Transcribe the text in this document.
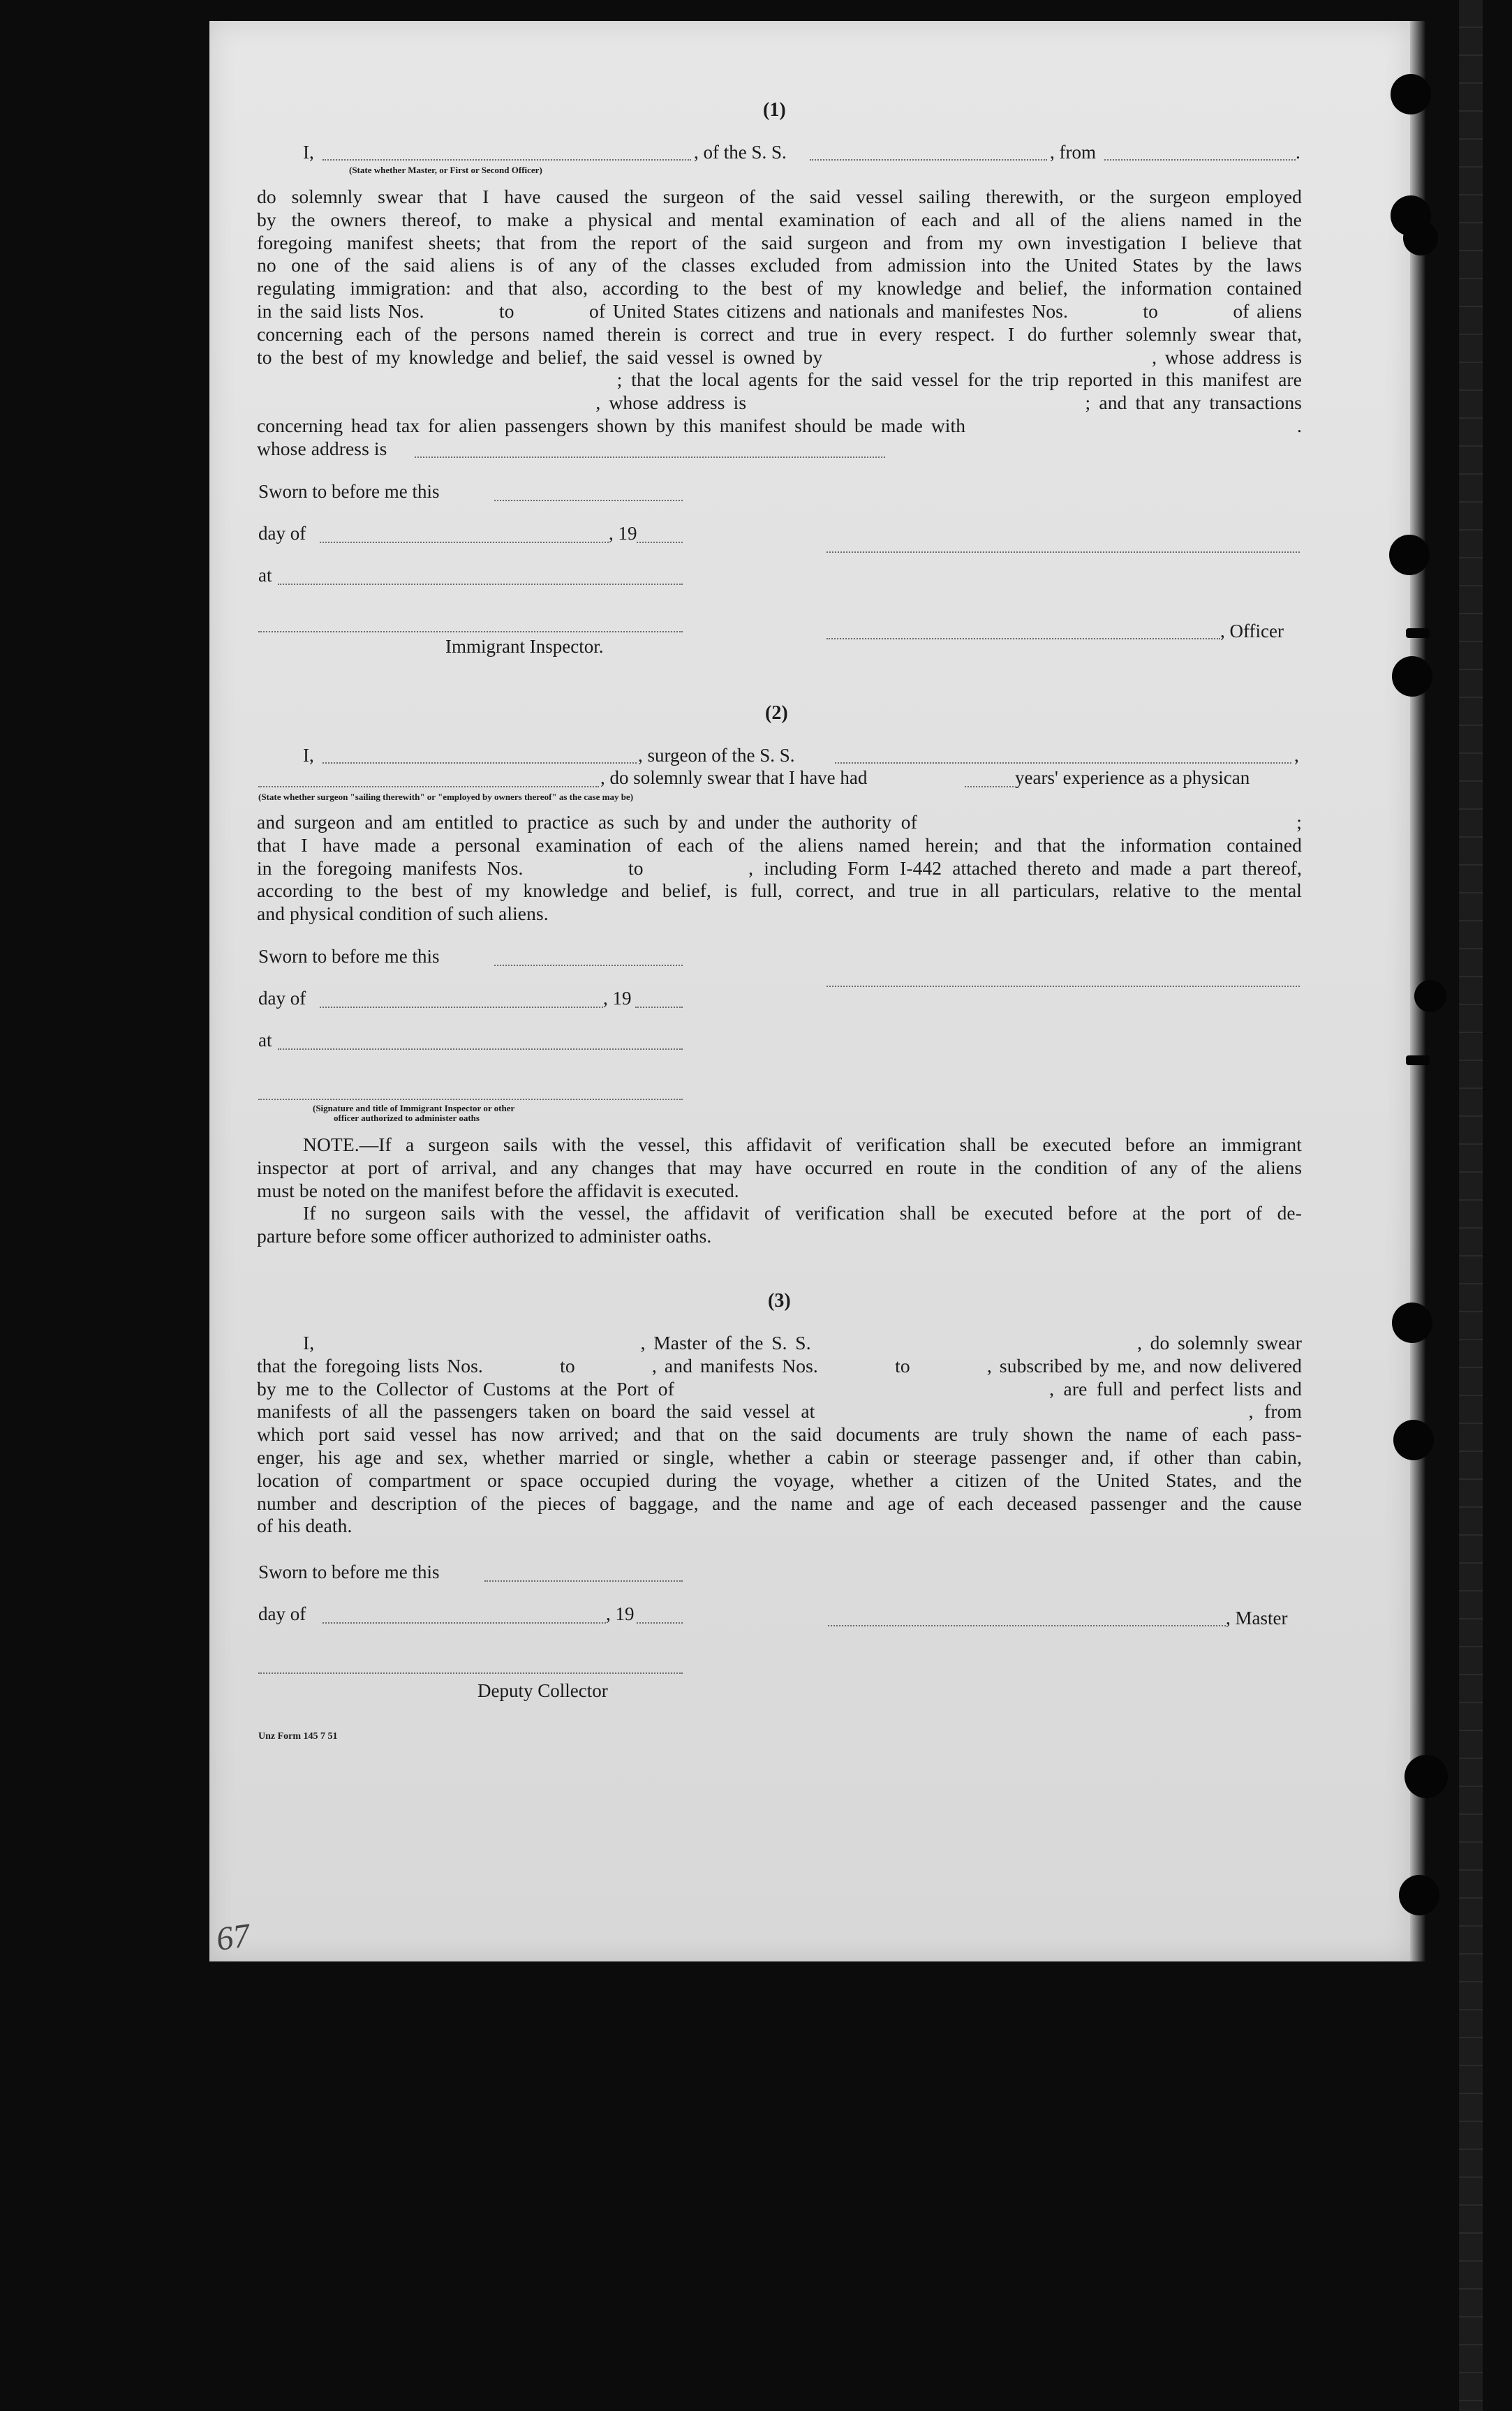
(1)
I,	, of the S. S.	, from	.
(State whether Master, or First or Second Officer)
do solemnly swear that I have caused the surgeon of the said vessel sailing therewith, or the surgeon employed
by the owners thereof, to make a physical and mental examination of each and all of the aliens named in the
foregoing manifest sheets; that from the report of the said surgeon and from my own investigation I believe that
no one of the said aliens is of any of the classes excluded from admission into the United States by the laws
regulating immigration: and that also, according to the best of my knowledge and belief, the information contained
in the said lists Nos.          to          of United States citizens and nationals and manifestes Nos.          to          of aliens
concerning each of the persons named therein is correct and true in every respect. I do further solemnly swear that,
to the best of my knowledge and belief, the said vessel is owned by                                        , whose address is
; that the local agents for the said vessel for the trip reported in this manifest are
, whose address is                                        ; and that any transactions
concerning head tax for alien passengers shown by this manifest should be made with                                        .
whose address is
Sworn to before me this
day of	, 19
at
, Officer
Immigrant Inspector.
(2)
I,	, surgeon of the S. S.	,
, do solemnly swear that I have had	years' experience as a physican
(State whether surgeon "sailing therewith" or "employed by owners thereof" as the case may be)
and surgeon and am entitled to practice as such by and under the authority of                                        ;
that I have made a personal examination of each of the aliens named herein; and that the information contained
in the foregoing manifests Nos.          to          , including Form I-442 attached thereto and made a part thereof,
according to the best of my knowledge and belief, is full, correct, and true in all particulars, relative to the mental
and physical condition of such aliens.
Sworn to before me this
day of	, 19
at
(Signature and title of Immigrant Inspector or other
officer authorized to administer oaths
NOTE.—If a surgeon sails with the vessel, this affidavit of verification shall be executed before an immigrant
inspector at port of arrival, and any changes that may have occurred en route in the condition of any of the aliens
must be noted on the manifest before the affidavit is executed.
If no surgeon sails with the vessel, the affidavit of verification shall be executed before at the port of de-
parture before some officer authorized to administer oaths.
(3)
I,                                        , Master of the S. S.                                        , do solemnly swear
that the foregoing lists Nos.          to          , and manifests Nos.          to          , subscribed by me, and now delivered
by me to the Collector of Customs at the Port of                                        , are full and perfect lists and
manifests of all the passengers taken on board the said vessel at                                        , from
which port said vessel has now arrived; and that on the said documents are truly shown the name of each pass-
enger, his age and sex, whether married or single, whether a cabin or steerage passenger and, if other than cabin,
location of compartment or space occupied during the voyage, whether a citizen of the United States, and the
number and description of the pieces of baggage, and the name and age of each deceased passenger and the cause
of his death.
Sworn to before me this
day of	, 19	, Master
Deputy Collector
Unz Form 145 7 51
67
